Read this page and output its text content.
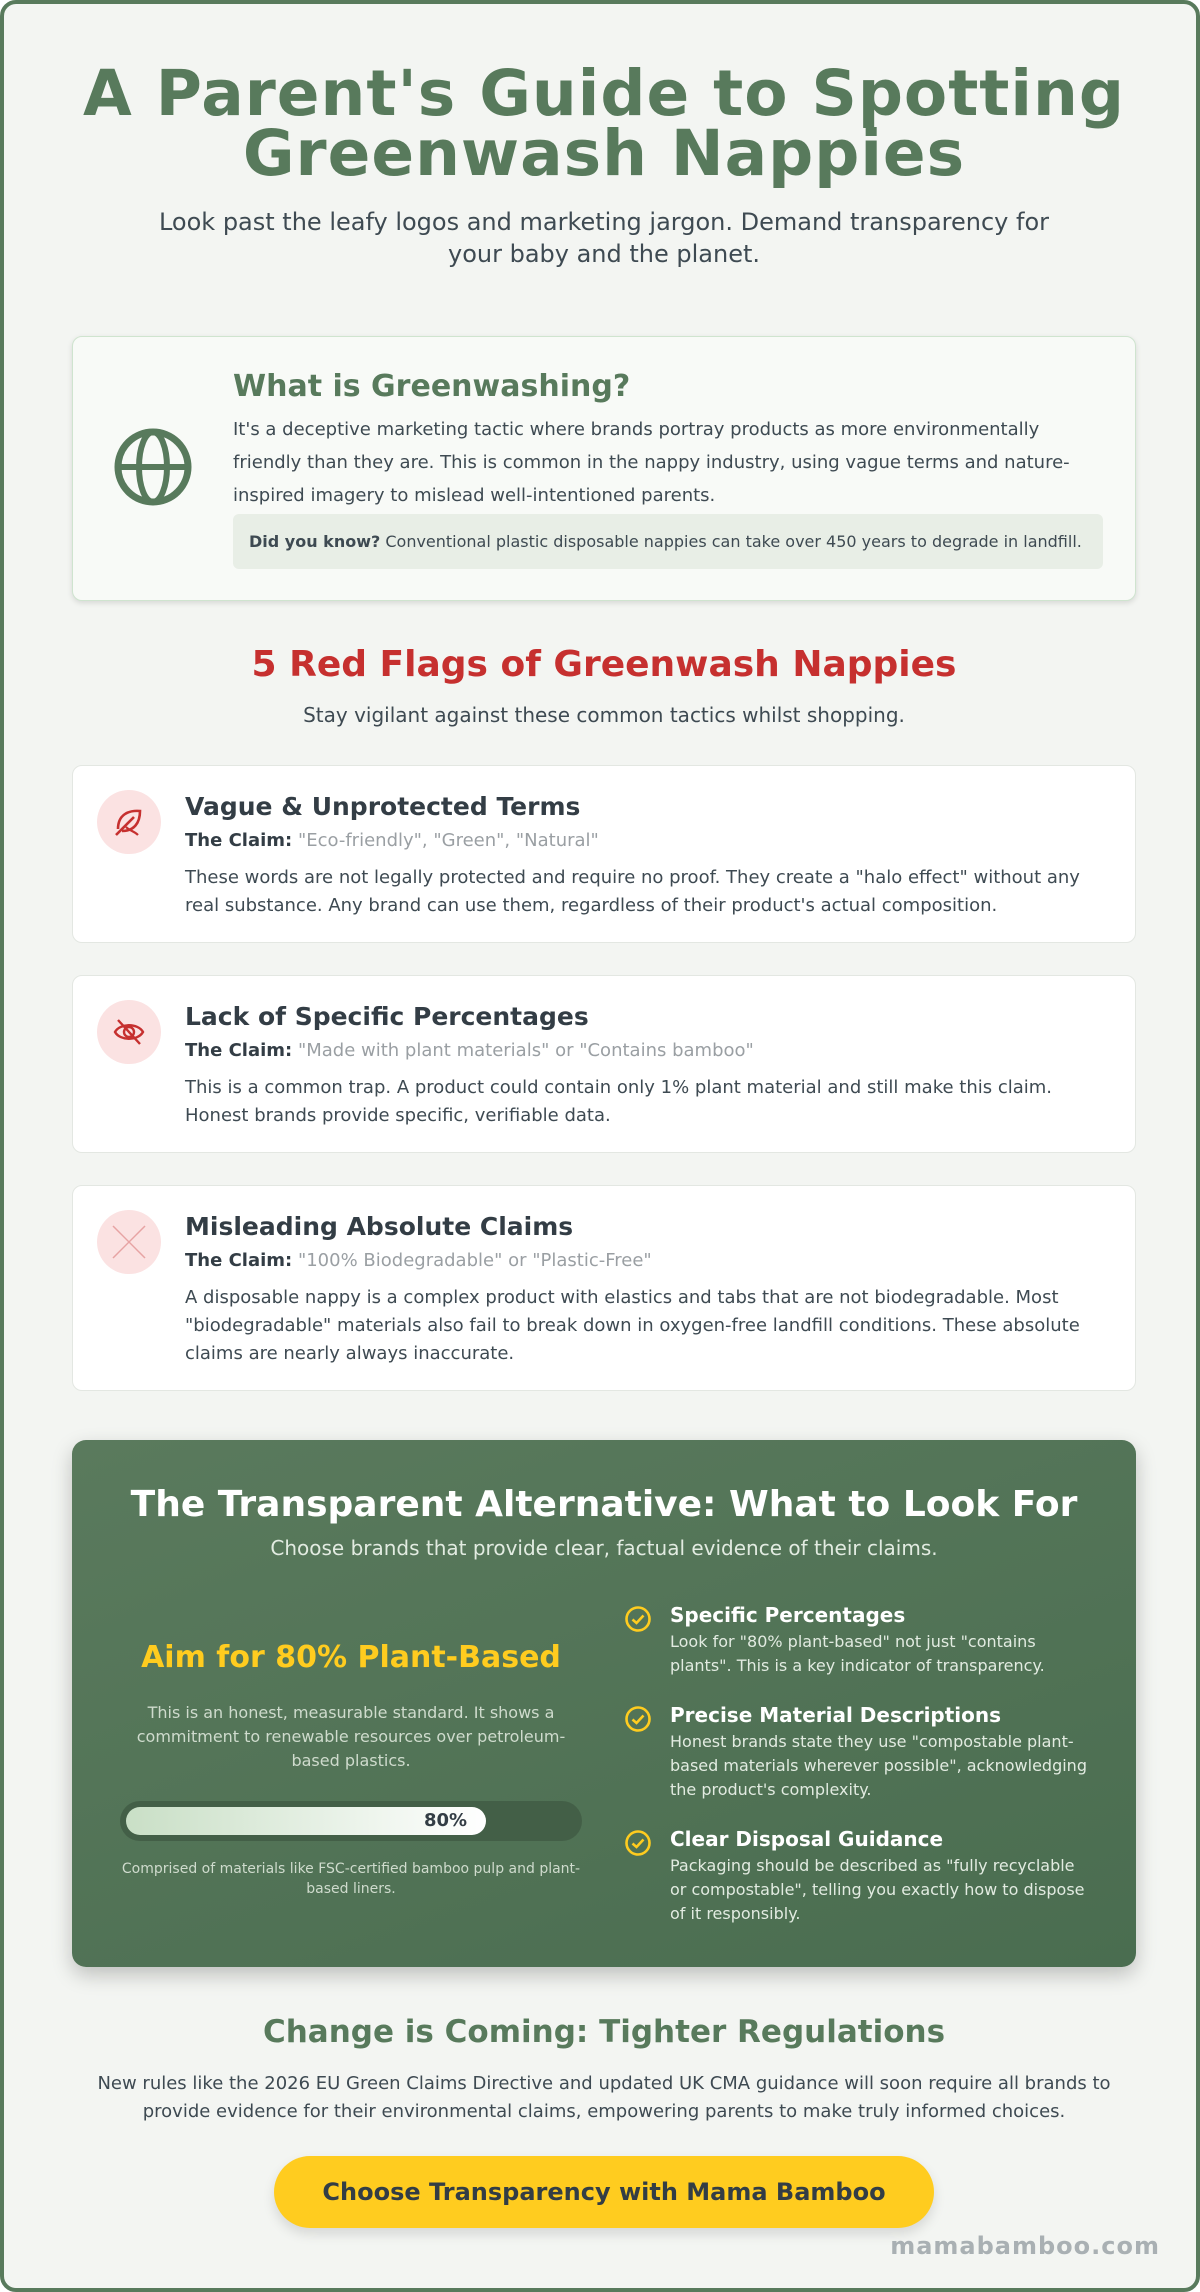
A Parent's Guide to Spotting Greenwash Nappies

Look past the leafy logos and marketing jargon. Demand transparency for your baby and the planet.

What is Greenwashing?

It's a deceptive marketing tactic where brands portray products as more environmentally friendly than they are. This is common in the nappy industry, using vague terms and nature-inspired imagery to mislead well-intentioned parents.

Did you know? Conventional plastic disposable nappies can take over 450 years to degrade in landfill.
5 Red Flags of Greenwash Nappies

Stay vigilant against these common tactics whilst shopping.

Vague & Unprotected Terms
The Claim: "Eco-friendly", "Green", "Natural"

These words are not legally protected and require no proof. They create a "halo effect" without any real substance. Any brand can use them, regardless of their product's actual composition.

Lack of Specific Percentages
The Claim: "Made with plant materials" or "Contains bamboo"

This is a common trap. A product could contain only 1% plant material and still make this claim. Honest brands provide specific, verifiable data.

Misleading Absolute Claims
The Claim: "100% Biodegradable" or "Plastic-Free"

A disposable nappy is a complex product with elastics and tabs that are not biodegradable. Most "biodegradable" materials also fail to break down in oxygen-free landfill conditions. These absolute claims are nearly always inaccurate.

The Transparent Alternative: What to Look For

Choose brands that provide clear, factual evidence of their claims.

Aim for 80% Plant-Based

This is an honest, measurable standard. It shows a commitment to renewable resources over petroleum-based plastics.

80%
Comprised of materials like FSC-certified bamboo pulp and plant-based liners.
Specific Percentages

Look for "80% plant-based" not just "contains plants". This is a key indicator of transparency.

Precise Material Descriptions

Honest brands state they use "compostable plant-based materials wherever possible", acknowledging the product's complexity.

Clear Disposal Guidance

Packaging should be described as "fully recyclable or compostable", telling you exactly how to dispose of it responsibly.

Change is Coming: Tighter Regulations

New rules like the 2026 EU Green Claims Directive and updated UK CMA guidance will soon require all brands to provide evidence for their environmental claims, empowering parents to make truly informed choices.

Choose Transparency with Mama Bamboo
mamabamboo.com
